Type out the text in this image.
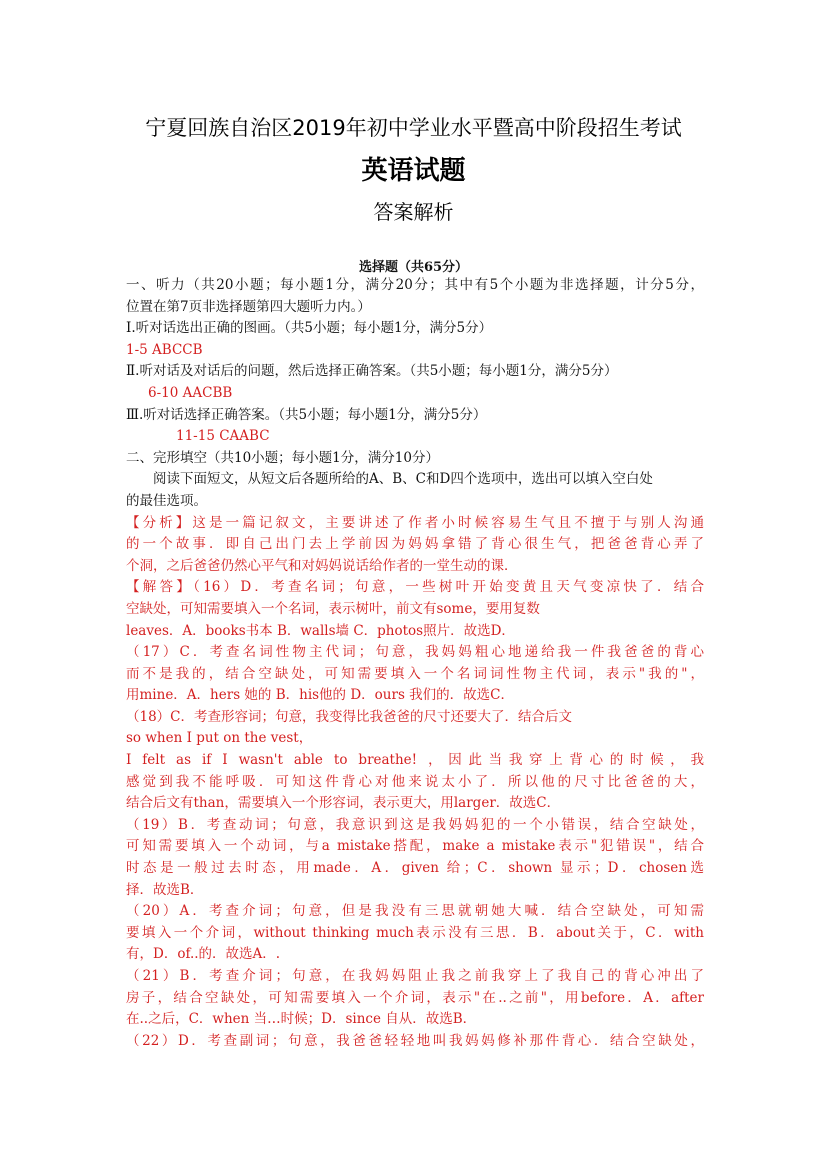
宁夏回族自治区2019年初中学业水平暨高中阶段招生考试
英语试题
答案解析
选择题（共65分）

一、听力（共20小题；每小题1分，满分20分；其中有5个小题为非选择题，计分5分，

位置在第7页非选择题第四大题听力内。）

Ⅰ.听对话选出正确的图画。（共5小题；每小题1分，满分5分）

1-5 ABCCB

Ⅱ.听对话及对话后的问题，然后选择正确答案。（共5小题；每小题1分，满分5分）

6-10 AACBB

Ⅲ.听对话选择正确答案。（共5小题；每小题1分，满分5分）

11-15 CAABC

二、完形填空（共10小题；每小题1分，满分10分）

阅读下面短文，从短文后各题所给的A、B、C和D四个选项中，选出可以填入空白处

的最佳选项。

【分析】这是一篇记叙文，主要讲述了作者小时候容易生气且不擅于与别人沟通

的一个故事．即自己出门去上学前因为妈妈拿错了背心很生气，把爸爸背心弄了

个洞，之后爸爸仍然心平气和对妈妈说话给作者的一堂生动的课．

【解答】（16）D．考查名词；句意，一些树叶开始变黄且天气变凉快了．结合

空缺处，可知需要填入一个名词，表示树叶，前文有some，要用复数

leaves．A．books书本 B．walls墙 C．photos照片．故选D．

（17）C．考查名词性物主代词；句意，我妈妈粗心地递给我一件我爸爸的背心

而不是我的，结合空缺处，可知需要填入一个名词词性物主代词，表示"我的"，

用mine．A．hers 她的 B．his他的 D．ours 我们的．故选C．

（18）C．考查形容词；句意，我变得比我爸爸的尺寸还要大了．结合后文

so when I put on the vest，

I felt as if I wasn't able to breathe! ，因此当我穿上背心的时候，我

感觉到我不能呼吸．可知这件背心对他来说太小了．所以他的尺寸比爸爸的大，

结合后文有than，需要填入一个形容词，表示更大，用larger．故选C．

（19）B．考查动词；句意，我意识到这是我妈妈犯的一个小错误，结合空缺处，

可知需要填入一个动词，与a mistake搭配，make a mistake表示"犯错误"，结合

时态是一般过去时态，用made．A．given 给；C．shown 显示；D．chosen选

择．故选B．

（20）A．考查介词；句意，但是我没有三思就朝她大喊．结合空缺处，可知需

要填入一个介词，without thinking much表示没有三思．B．about关于，C．with

有，D．of..的．故选A．.

（21）B．考查介词；句意，在我妈妈阻止我之前我穿上了我自己的背心冲出了

房子，结合空缺处，可知需要填入一个介词，表示"在..之前"，用before．A．after

在..之后，C．when 当…时候；D．since 自从．故选B．

（22）D．考查副词；句意，我爸爸轻轻地叫我妈妈修补那件背心．结合空缺处，
